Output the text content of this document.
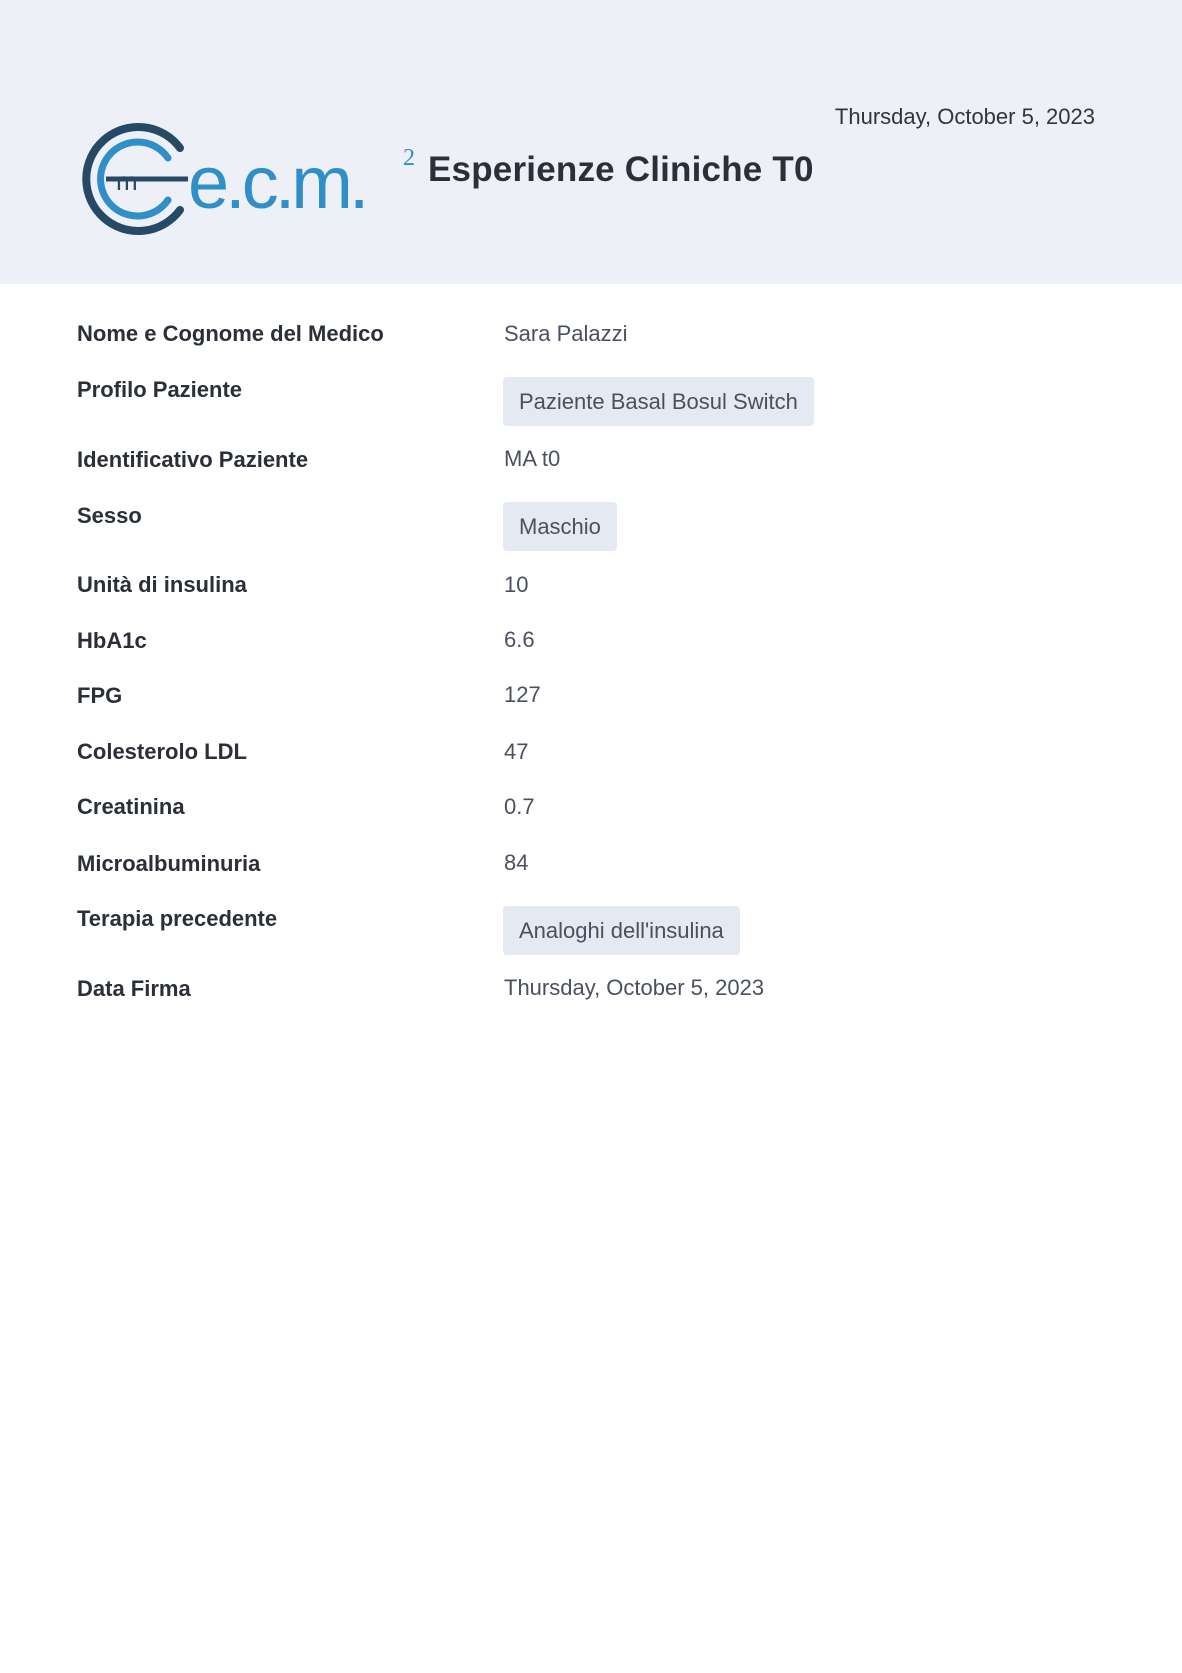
Thursday, October 5, 2023
m e.c.m. 2 Esperienze Cliniche T0
Nome e Cognome del Medico	Sara Palazzi
Profilo Paziente	Paziente Basal Bosul Switch
Identificativo Paziente	MA t0
Sesso	Maschio
Unità di insulina	10
HbA1c	6.6
FPG	127
Colesterolo LDL	47
Creatinina	0.7
Microalbuminuria	84
Terapia precedente	Analoghi dell'insulina
Data Firma	Thursday, October 5, 2023
